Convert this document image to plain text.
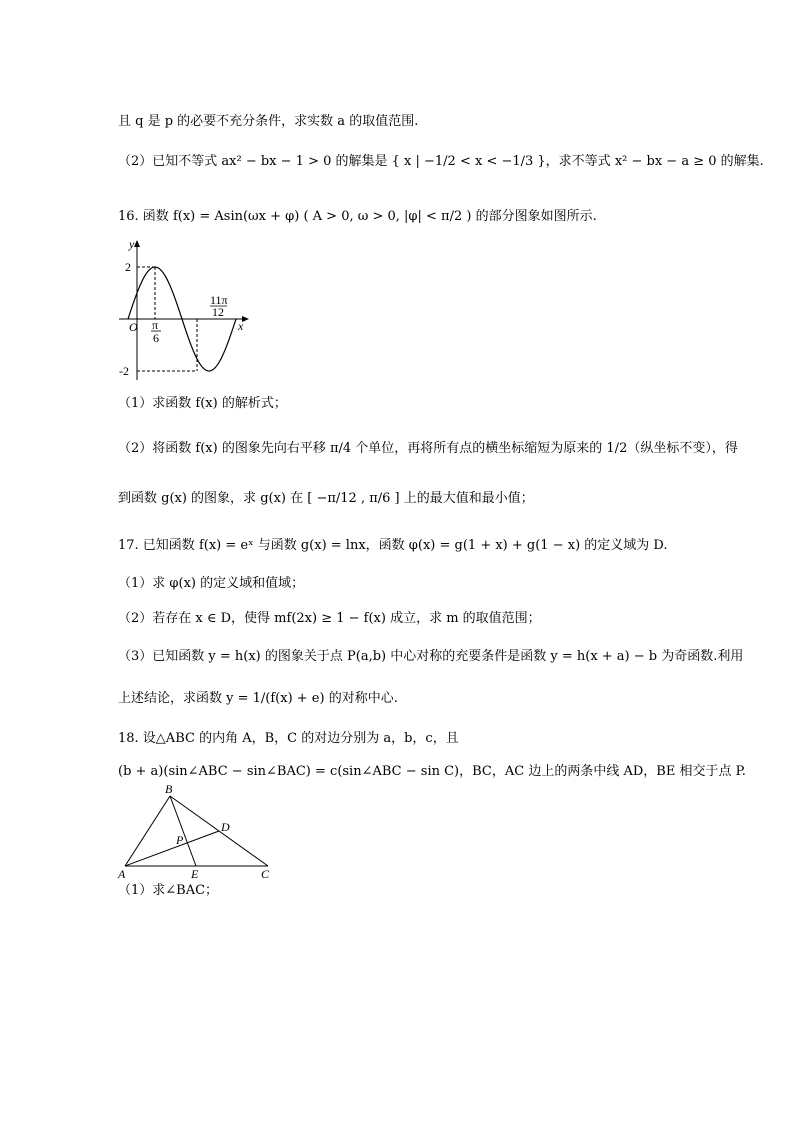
且 q 是 p 的必要不充分条件，求实数 a 的取值范围.
（2）已知不等式 ax² − bx − 1 > 0 的解集是 { x | −1/2 < x < −1/3 }，求不等式 x² − bx − a ≥ 0 的解集.
16. 函数 f(x) = Asin(ωx + φ) ( A > 0, ω > 0, |φ| < π/2 ) 的部分图象如图所示.
y
x
O
2
-2
π
6
11π
12
（1）求函数 f(x) 的解析式；
（2）将函数 f(x) 的图象先向右平移 π/4 个单位，再将所有点的横坐标缩短为原来的 1/2（纵坐标不变），得
到函数 g(x) 的图象，求 g(x) 在 [ −π/12 , π/6 ] 上的最大值和最小值；
17. 已知函数 f(x) = eˣ 与函数 g(x) = lnx，函数 φ(x) = g(1 + x) + g(1 − x) 的定义域为 D.
（1）求 φ(x) 的定义域和值域；
（2）若存在 x ∈ D，使得 mf(2x) ≥ 1 − f(x) 成立，求 m 的取值范围；
（3）已知函数 y = h(x) 的图象关于点 P(a,b) 中心对称的充要条件是函数 y = h(x + a) − b 为奇函数.利用
上述结论，求函数 y = 1/(f(x) + e) 的对称中心.
18. 设△ABC 的内角 A，B，C 的对边分别为 a，b，c，且
(b + a)(sin∠ABC − sin∠BAC) = c(sin∠ABC − sin C)，BC，AC 边上的两条中线 AD，BE 相交于点 P.
A
B
C
D
E
P
（1）求∠BAC；
